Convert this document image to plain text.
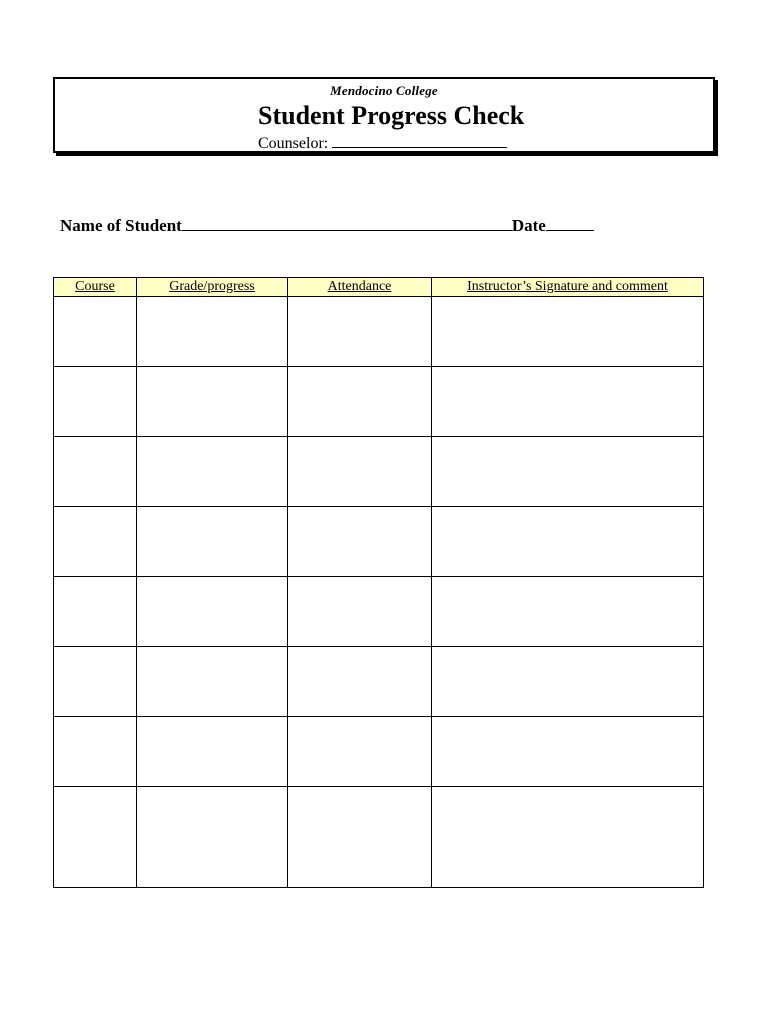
Mendocino College
Student Progress Check
Counselor:
Name of Student	Date
Course	Grade/progress	Attendance	Instructor’s Signature and comment
